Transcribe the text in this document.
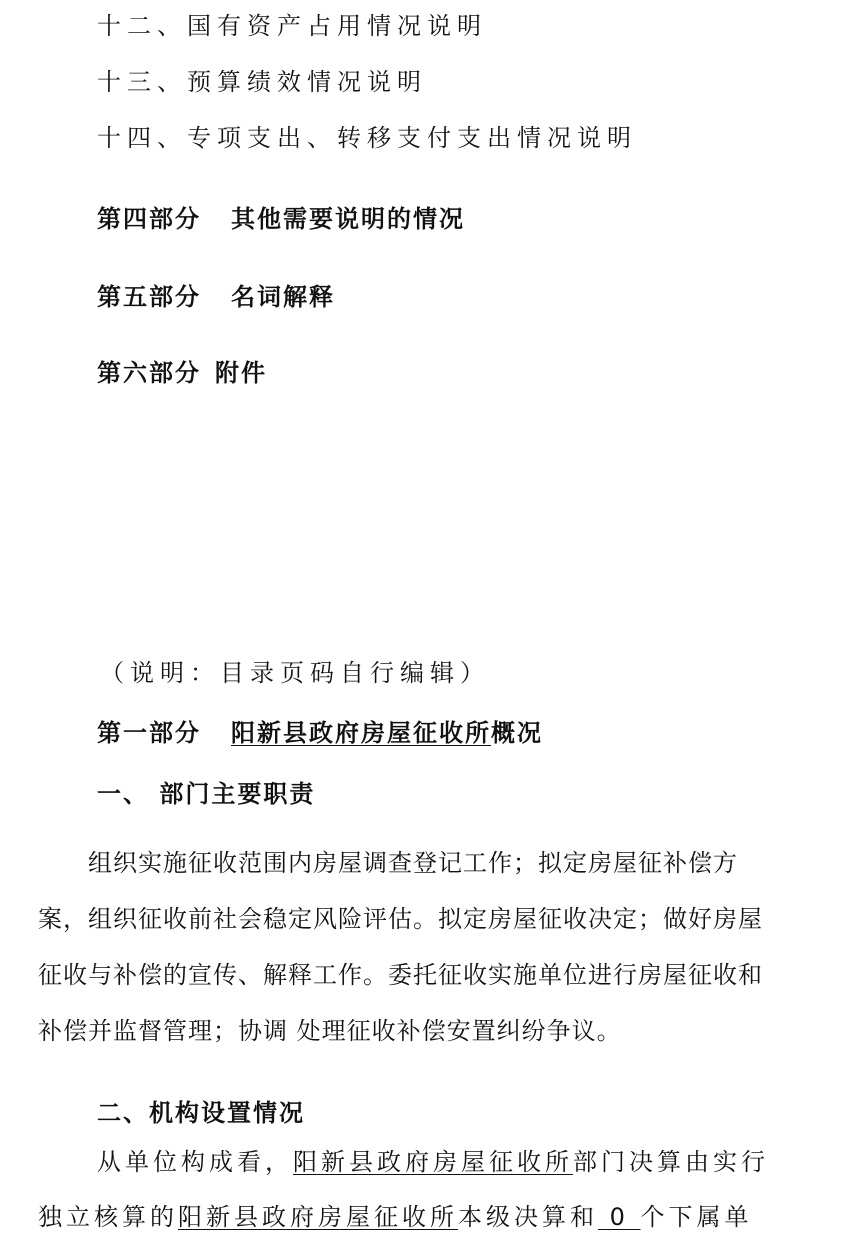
十二、国有资产占用情况说明
十三、预算绩效情况说明
十四、专项支出、转移支付支出情况说明
第四部分 其他需要说明的情况
第五部分 名词解释
第六部分 附件
（说明：目录页码自行编辑）
第一部分 阳新县政府房屋征收所概况
一、 部门主要职责
组织实施征收范围内房屋调查登记工作；拟定房屋征补偿方
案，组织征收前社会稳定风险评估。拟定房屋征收决定；做好房屋
征收与补偿的宣传、解释工作。委托征收实施单位进行房屋征收和
补偿并监督管理；协调 处理征收补偿安置纠纷争议。
二、机构设置情况
从单位构成看，阳新县政府房屋征收所部门决算由实行
独立核算的阳新县政府房屋征收所本级决算和 0 个下属单
